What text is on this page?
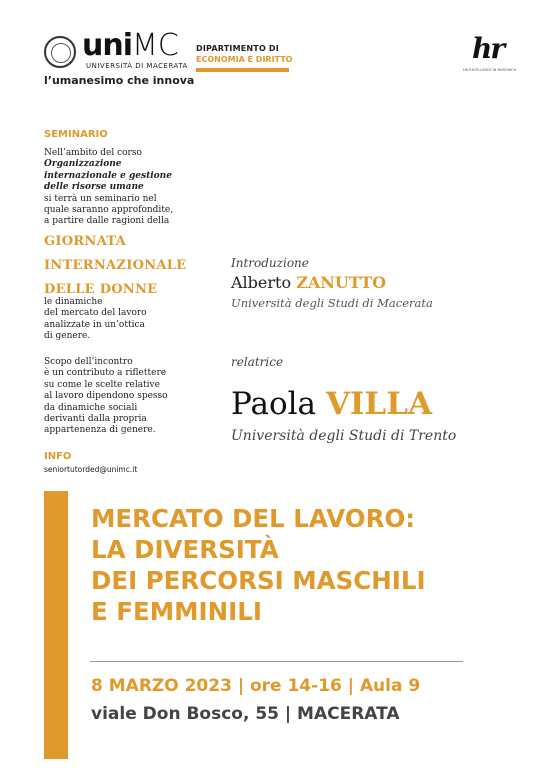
uniMC
UNIVERSITÀ DI MACERATA
l’umanesimo che innova
DIPARTIMENTO DI
ECONOMIA E DIRITTO	hr
HR EXCELLENCE IN RESEARCH
SEMINARIO
Nell’ambito del corso
Organizzazione
internazionale e gestione
delle risorse umane
si terrà un seminario nel
quale saranno approfondite,
a partire dalle ragioni della
GIORNATA
INTERNAZIONALE
DELLE DONNE
le dinamiche
del mercato del lavoro
analizzate in un’ottica
di genere.
Scopo dell’incontro
è un contributo a riflettere
su come le scelte relative
al lavoro dipendono spesso
da dinamiche sociali
derivanti dalla propria
appartenenza di genere.
INFO
seniortutorded@unimc.it
Introduzione
Alberto ZANUTTO
Università degli Studi di Macerata
relatrice
Paola VILLA
Università degli Studi di Trento
MERCATO DEL LAVORO:
LA DIVERSITÀ
DEI PERCORSI MASCHILI
E FEMMINILI
8 MARZO 2023 | ore 14-16 | Aula 9
viale Don Bosco, 55 | MACERATA
